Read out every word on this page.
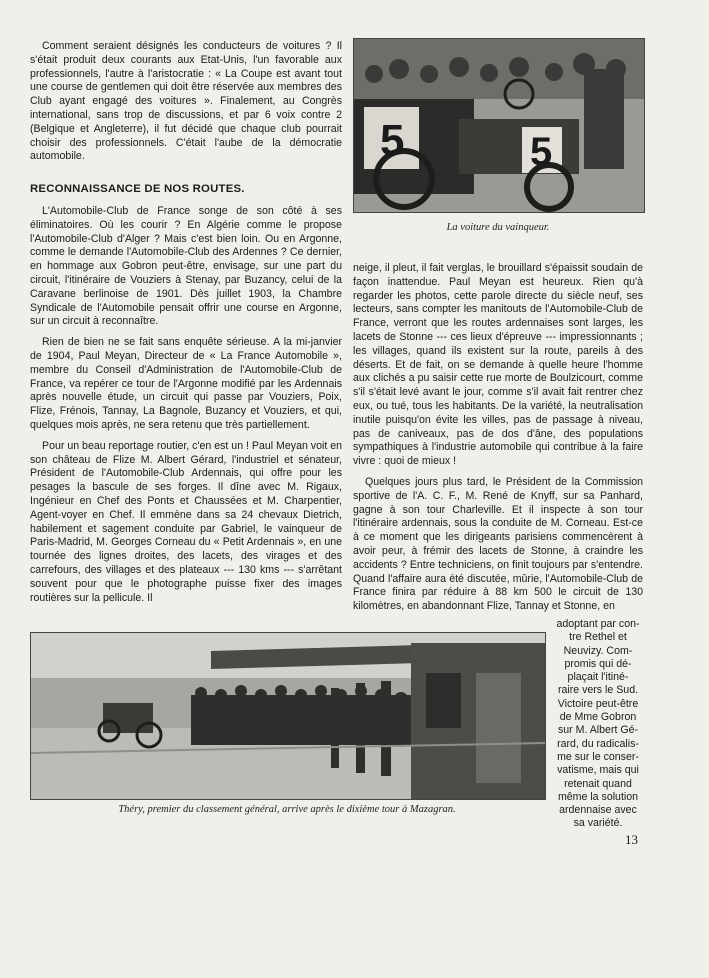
Comment seraient désignés les conducteurs de voitures ? Il s'était produit deux courants aux Etat-Unis, l'un favorable aux professionnels, l'autre à l'aristocratie : « La Coupe est avant tout une course de gentlemen qui doit être réservée aux membres des Club ayant engagé des voitures ». Finalement, au Congrès international, sans trop de discussions, et par 6 voix contre 2 (Belgique et Angleterre), il fut décidé que chaque club pourrait choisir des professionnels. C'était l'aube de la démocratie automobile.	5	5
La voiture du vainqueur.
RECONNAISSANCE DE NOS ROUTES.

L'Automobile-Club de France songe de son côté à ses éliminatoires. Où les courir ? En Algérie comme le propose l'Automobile-Club d'Alger ? Mais c'est bien loin. Ou en Argonne, comme le demande l'Automobile-Club des Ardennes ? Ce dernier, en hommage aux Gobron peut-être, envisage, sur une part du circuit, l'itinéraire de Vouziers à Stenay, par Buzancy, celui de la Caravane berlinoise de 1901. Dès juillet 1903, la Chambre Syndicale de l'Automobile pensait offrir une course en Argonne, sur un circuit à reconnaître.

Rien de bien ne se fait sans enquête sérieuse. A la mi-janvier de 1904, Paul Meyan, Directeur de « La France Automobile », membre du Conseil d'Administration de l'Automobile-Club de France, va repérer ce tour de l'Argonne modifié par les Ardennais après nouvelle étude, un circuit qui passe par Vouziers, Poix, Flize, Frénois, Tannay, La Bagnole, Buzancy et Vouziers, et qui, quelques mois après, ne sera retenu que très partiellement.

Pour un beau reportage routier, c'en est un ! Paul Meyan voit en son château de Flize M. Albert Gérard, l'industriel et sénateur, Président de l'Automobile-Club Ardennais, qui offre pour les pesages la bascule de ses forges. Il dîne avec M. Rigaux, Ingénieur en Chef des Ponts et Chaussées et M. Charpentier, Agent-voyer en Chef. Il emmène dans sa 24 chevaux Dietrich, habilement et sagement conduite par Gabriel, le vainqueur de Paris-Madrid, M. Georges Corneau du « Petit Ardennais », en une tournée des lignes droites, des lacets, des virages et des carrefours, des villages et des plateaux --- 130 kms --- s'arrêtant souvent pour que le photographe puisse fixer des images routières sur la pellicule. Il

neige, il pleut, il fait verglas, le brouillard s'épaissit soudain de façon inattendue. Paul Meyan est heureux. Rien qu'à regarder les photos, cette parole directe du siècle neuf, ses lecteurs, sans compter les manitouts de l'Automobile-Club de France, verront que les routes ardennaises sont larges, les lacets de Stonne --- ces lieux d'épreuve --- impressionnants ; les villages, quand ils existent sur la route, pareils à des déserts. Et de fait, on se demande à quelle heure l'homme aux clichés a pu saisir cette rue morte de Boulzicourt, comme s'il s'était levé avant le jour, comme s'il avait fait rentrer chez eux, ou tué, tous les habitants. De la variété, la neutralisation inutile puisqu'on évite les villes, pas de passage à niveau, pas de caniveaux, pas de dos d'âne, des populations sympathiques à l'industrie automobile qui contribue à la faire vivre : quoi de mieux !

Quelques jours plus tard, le Président de la Commission sportive de l'A. C. F., M. René de Knyff, sur sa Panhard, gagne à son tour Charleville. Et il inspecte à son tour l'itinéraire ardennais, sous la conduite de M. Corneau. Est-ce à ce moment que les dirigeants parisiens commencèrent à avoir peur, à frémir des lacets de Stonne, à craindre les accidents ? Entre techniciens, on finit toujours par s'entendre. Quand l'affaire aura été discutée, mûrie, l'Automobile-Club de France finira par réduire à 88 km 500 le circuit de 130 kilomètres, en abandonnant Flize, Tannay et Stonne, en

Théry, premier du classement général, arrive après le dixième tour à Mazagran.
adoptant par con-
tre Rethel et
Neuvizy. Com-
promis qui dé-
plaçait l'itiné-
raire vers le Sud.
Victoire peut-être
de Mme Gobron
sur M. Albert Gé-
rard, du radicalis-
me sur le conser-
vatisme, mais qui
retenait quand
même la solution
ardennaise avec
sa variété.
13
